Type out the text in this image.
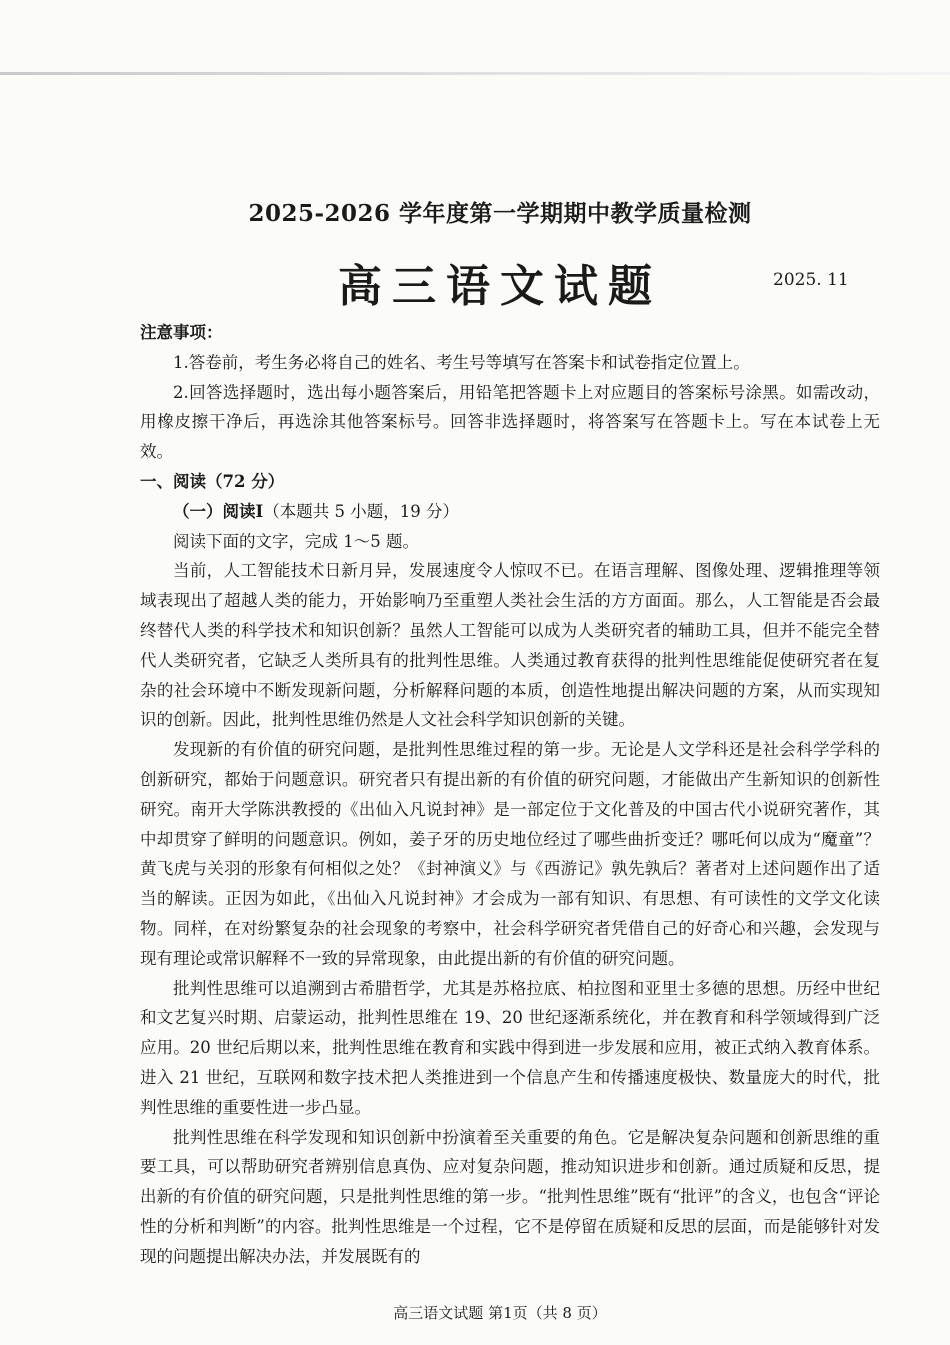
2025-2026 学年度第一学期期中教学质量检测
高三语文试题	2025. 11

注意事项：

1.答卷前，考生务必将自己的姓名、考生号等填写在答案卡和试卷指定位置上。

2.回答选择题时，选出每小题答案后，用铅笔把答题卡上对应题目的答案标号涂黑。如需改动，用橡皮擦干净后，再选涂其他答案标号。回答非选择题时，将答案写在答题卡上。写在本试卷上无效。

一、阅读（72 分）

（一）阅读Ⅰ（本题共 5 小题，19 分）

阅读下面的文字，完成 1～5 题。

当前，人工智能技术日新月异，发展速度令人惊叹不已。在语言理解、图像处理、逻辑推理等领域表现出了超越人类的能力，开始影响乃至重塑人类社会生活的方方面面。那么，人工智能是否会最终替代人类的科学技术和知识创新？虽然人工智能可以成为人类研究者的辅助工具，但并不能完全替代人类研究者，它缺乏人类所具有的批判性思维。人类通过教育获得的批判性思维能促使研究者在复杂的社会环境中不断发现新问题，分析解释问题的本质，创造性地提出解决问题的方案，从而实现知识的创新。因此，批判性思维仍然是人文社会科学知识创新的关键。

发现新的有价值的研究问题，是批判性思维过程的第一步。无论是人文学科还是社会科学学科的创新研究，都始于问题意识。研究者只有提出新的有价值的研究问题，才能做出产生新知识的创新性研究。南开大学陈洪教授的《出仙入凡说封神》是一部定位于文化普及的中国古代小说研究著作，其中却贯穿了鲜明的问题意识。例如，姜子牙的历史地位经过了哪些曲折变迁？哪吒何以成为“魔童”？黄飞虎与关羽的形象有何相似之处？《封神演义》与《西游记》孰先孰后？著者对上述问题作出了适当的解读。正因为如此，《出仙入凡说封神》才会成为一部有知识、有思想、有可读性的文学文化读物。同样，在对纷繁复杂的社会现象的考察中，社会科学研究者凭借自己的好奇心和兴趣，会发现与现有理论或常识解释不一致的异常现象，由此提出新的有价值的研究问题。

批判性思维可以追溯到古希腊哲学，尤其是苏格拉底、柏拉图和亚里士多德的思想。历经中世纪和文艺复兴时期、启蒙运动，批判性思维在 19、20 世纪逐渐系统化，并在教育和科学领域得到广泛应用。20 世纪后期以来，批判性思维在教育和实践中得到进一步发展和应用，被正式纳入教育体系。进入 21 世纪，互联网和数字技术把人类推进到一个信息产生和传播速度极快、数量庞大的时代，批判性思维的重要性进一步凸显。

批判性思维在科学发现和知识创新中扮演着至关重要的角色。它是解决复杂问题和创新思维的重要工具，可以帮助研究者辨别信息真伪、应对复杂问题，推动知识进步和创新。通过质疑和反思，提出新的有价值的研究问题，只是批判性思维的第一步。“批判性思维”既有“批评”的含义，也包含“评论性的分析和判断”的内容。批判性思维是一个过程，它不是停留在质疑和反思的层面，而是能够针对发现的问题提出解决办法，并发展既有的

高三语文试题 第1页（共 8 页）
